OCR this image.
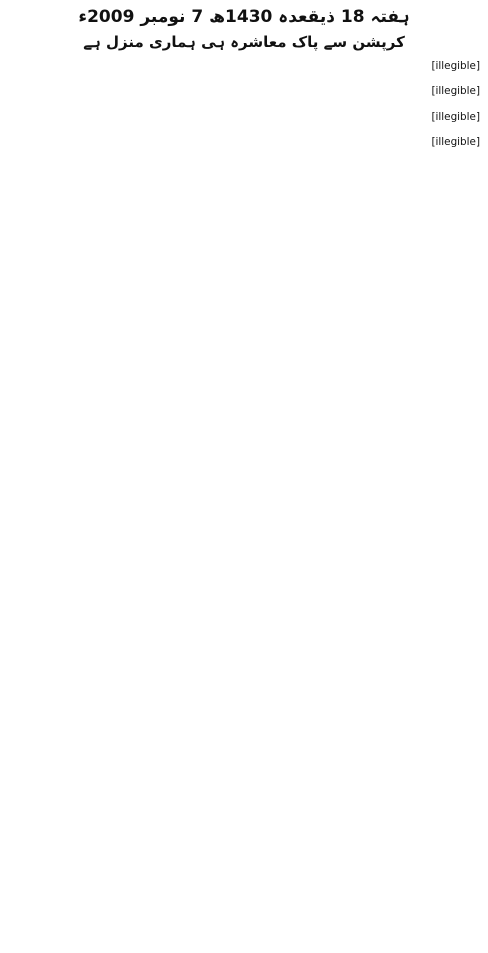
ہفتہ 18 ذیقعدہ 1430ھ 7 نومبر 2009ء
کرپشن سے پاک معاشرہ ہی ہماری منزل ہے

[illegible]

[illegible]

[illegible]

[illegible]
